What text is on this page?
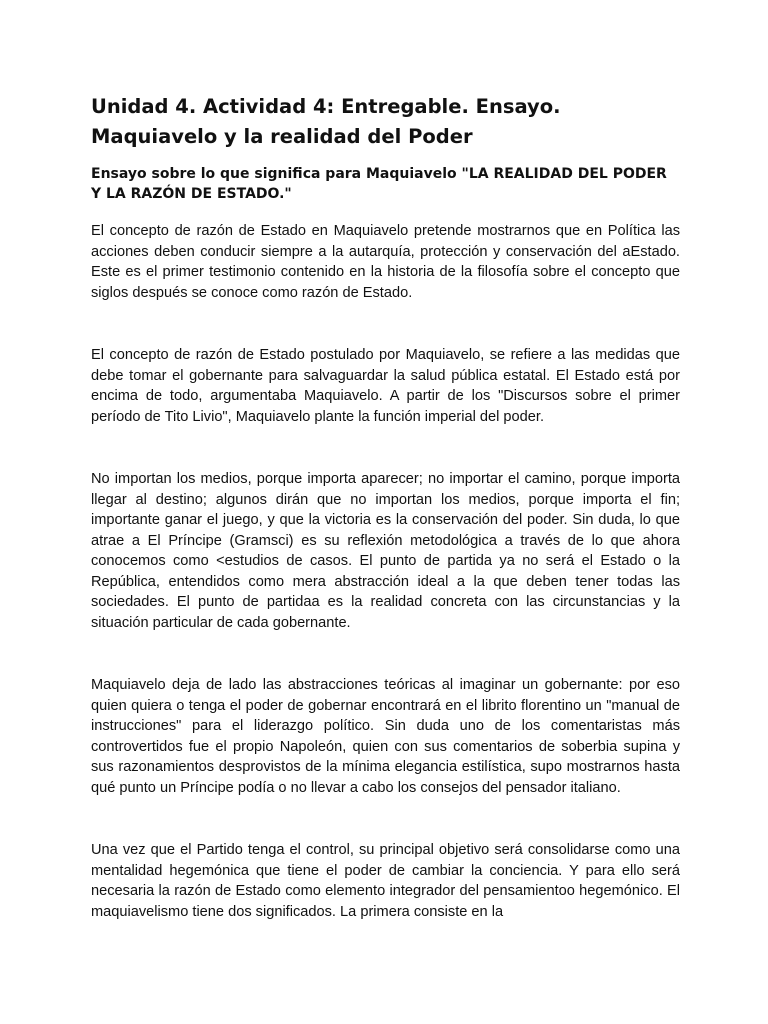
Unidad 4. Actividad 4: Entregable. Ensayo. Maquiavelo y la realidad del Poder
Ensayo sobre lo que significa para Maquiavelo "LA REALIDAD DEL PODER Y LA RAZÓN DE ESTADO."

El concepto de razón de Estado en Maquiavelo pretende mostrarnos que en Política las acciones deben conducir siempre a la autarquía, protección y conservación del aEstado. Este es el primer testimonio contenido en la historia de la filosofía sobre el concepto que siglos después se conoce como razón de Estado.

El concepto de razón de Estado postulado por Maquiavelo, se refiere a las medidas que debe tomar el gobernante para salvaguardar la salud pública estatal. El Estado está por encima de todo, argumentaba Maquiavelo. A partir de los "Discursos sobre el primer período de Tito Livio", Maquiavelo plante la función imperial del poder.

No importan los medios, porque importa aparecer; no importar el camino, porque importa llegar al destino; algunos dirán que no importan los medios, porque importa el fin; importante ganar el juego, y que la victoria es la conservación del poder. Sin duda, lo que atrae a El Príncipe (Gramsci) es su reflexión metodológica a través de lo que ahora conocemos como <estudios de casos. El punto de partida ya no será el Estado o la República, entendidos como mera abstracción ideal a la que deben tener todas las sociedades. El punto de partidaa es la realidad concreta con las circunstancias y la situación particular de cada gobernante.

Maquiavelo deja de lado las abstracciones teóricas al imaginar un gobernante: por eso quien quiera o tenga el poder de gobernar encontrará en el librito florentino un "manual de instrucciones" para el liderazgo político. Sin duda uno de los comentaristas más controvertidos fue el propio Napoleón, quien con sus comentarios de soberbia supina y sus razonamientos desprovistos de la mínima elegancia estilística, supo mostrarnos hasta qué punto un Príncipe podía o no llevar a cabo los consejos del pensador italiano.

Una vez que el Partido tenga el control, su principal objetivo será consolidarse como una mentalidad hegemónica que tiene el poder de cambiar la conciencia. Y para ello será necesaria la razón de Estado como elemento integrador del pensamientoo hegemónico. El maquiavelismo tiene dos significados. La primera consiste en la
